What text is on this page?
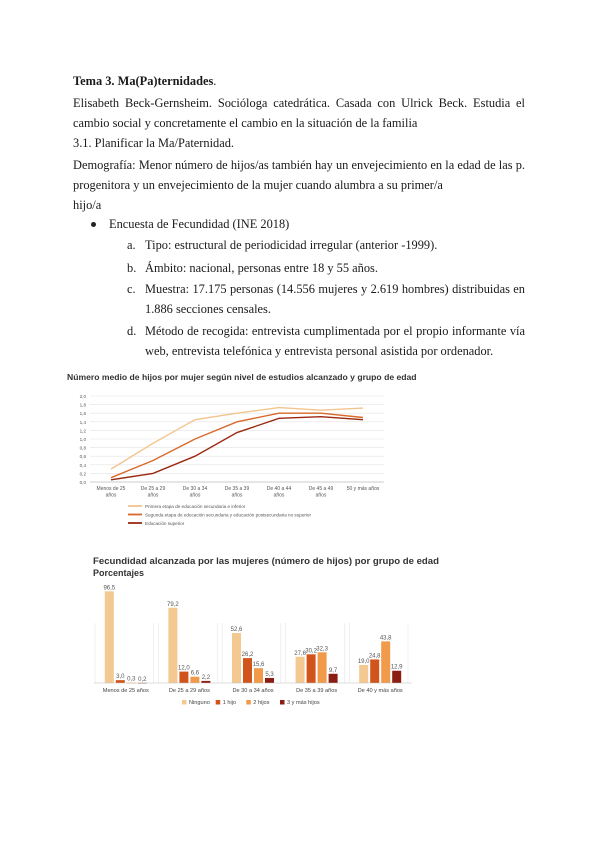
Tema 3. Ma(Pa)ternidades.
Elisabeth Beck-Gernsheim. Socióloga catedrática. Casada con Ulrick Beck. Estudia el
cambio social y concretamente el cambio en la situación de la familia
3.1. Planificar la Ma/Paternidad.
Demografía: Menor número de hijos/as también hay un envejecimiento en la edad de las p.
progenitora y un envejecimiento de la mujer cuando alumbra a su primer/a
hijo/a
Encuesta de Fecundidad (INE 2018)
a. Tipo: estructural de periodicidad irregular (anterior -1999).
b. Ámbito: nacional, personas entre 18 y 55 años.
c. Muestra: 17.175 personas (14.556 mujeres y 2.619 hombres) distribuidas en
1.886 secciones censales.
d. Método de recogida: entrevista cumplimentada por el propio informante vía
web, entrevista telefónica y entrevista personal asistida por ordenador.
Número medio de hijos por mujer según nivel de estudios alcanzado y grupo de edad
0,0
0,2
0,4
0,6
0,8
1,0
1,2
1,4
1,6
1,8
2,0
Menos de 25
años
De 25 a 29
años
De 30 a 34
años
De 35 a 39
años
De 40 a 44
años
De 45 a 49
años
50 y más años
Primera etapa de educación secundaria e inferior
Segunda etapa de educación secundaria y educación postsecundaria no superior
Educación superior
Fecundidad alcanzada por las mujeres (número de hijos) por grupo de edad
Porcentajes
96,5
3,0 0,3 0,2
Menos de 25 años
79,2
12,0
6,6
2,2
De 25 a 29 años
52,6
26,2
15,6
5,3
De 30 a 34 años
27,6 30,2 32,3
9,7
De 35 a 39 años
19,0
24,8
43,8
12,9
De 40 y más años
Ninguno 1 hijo	2 hijos	3 y más hijos
